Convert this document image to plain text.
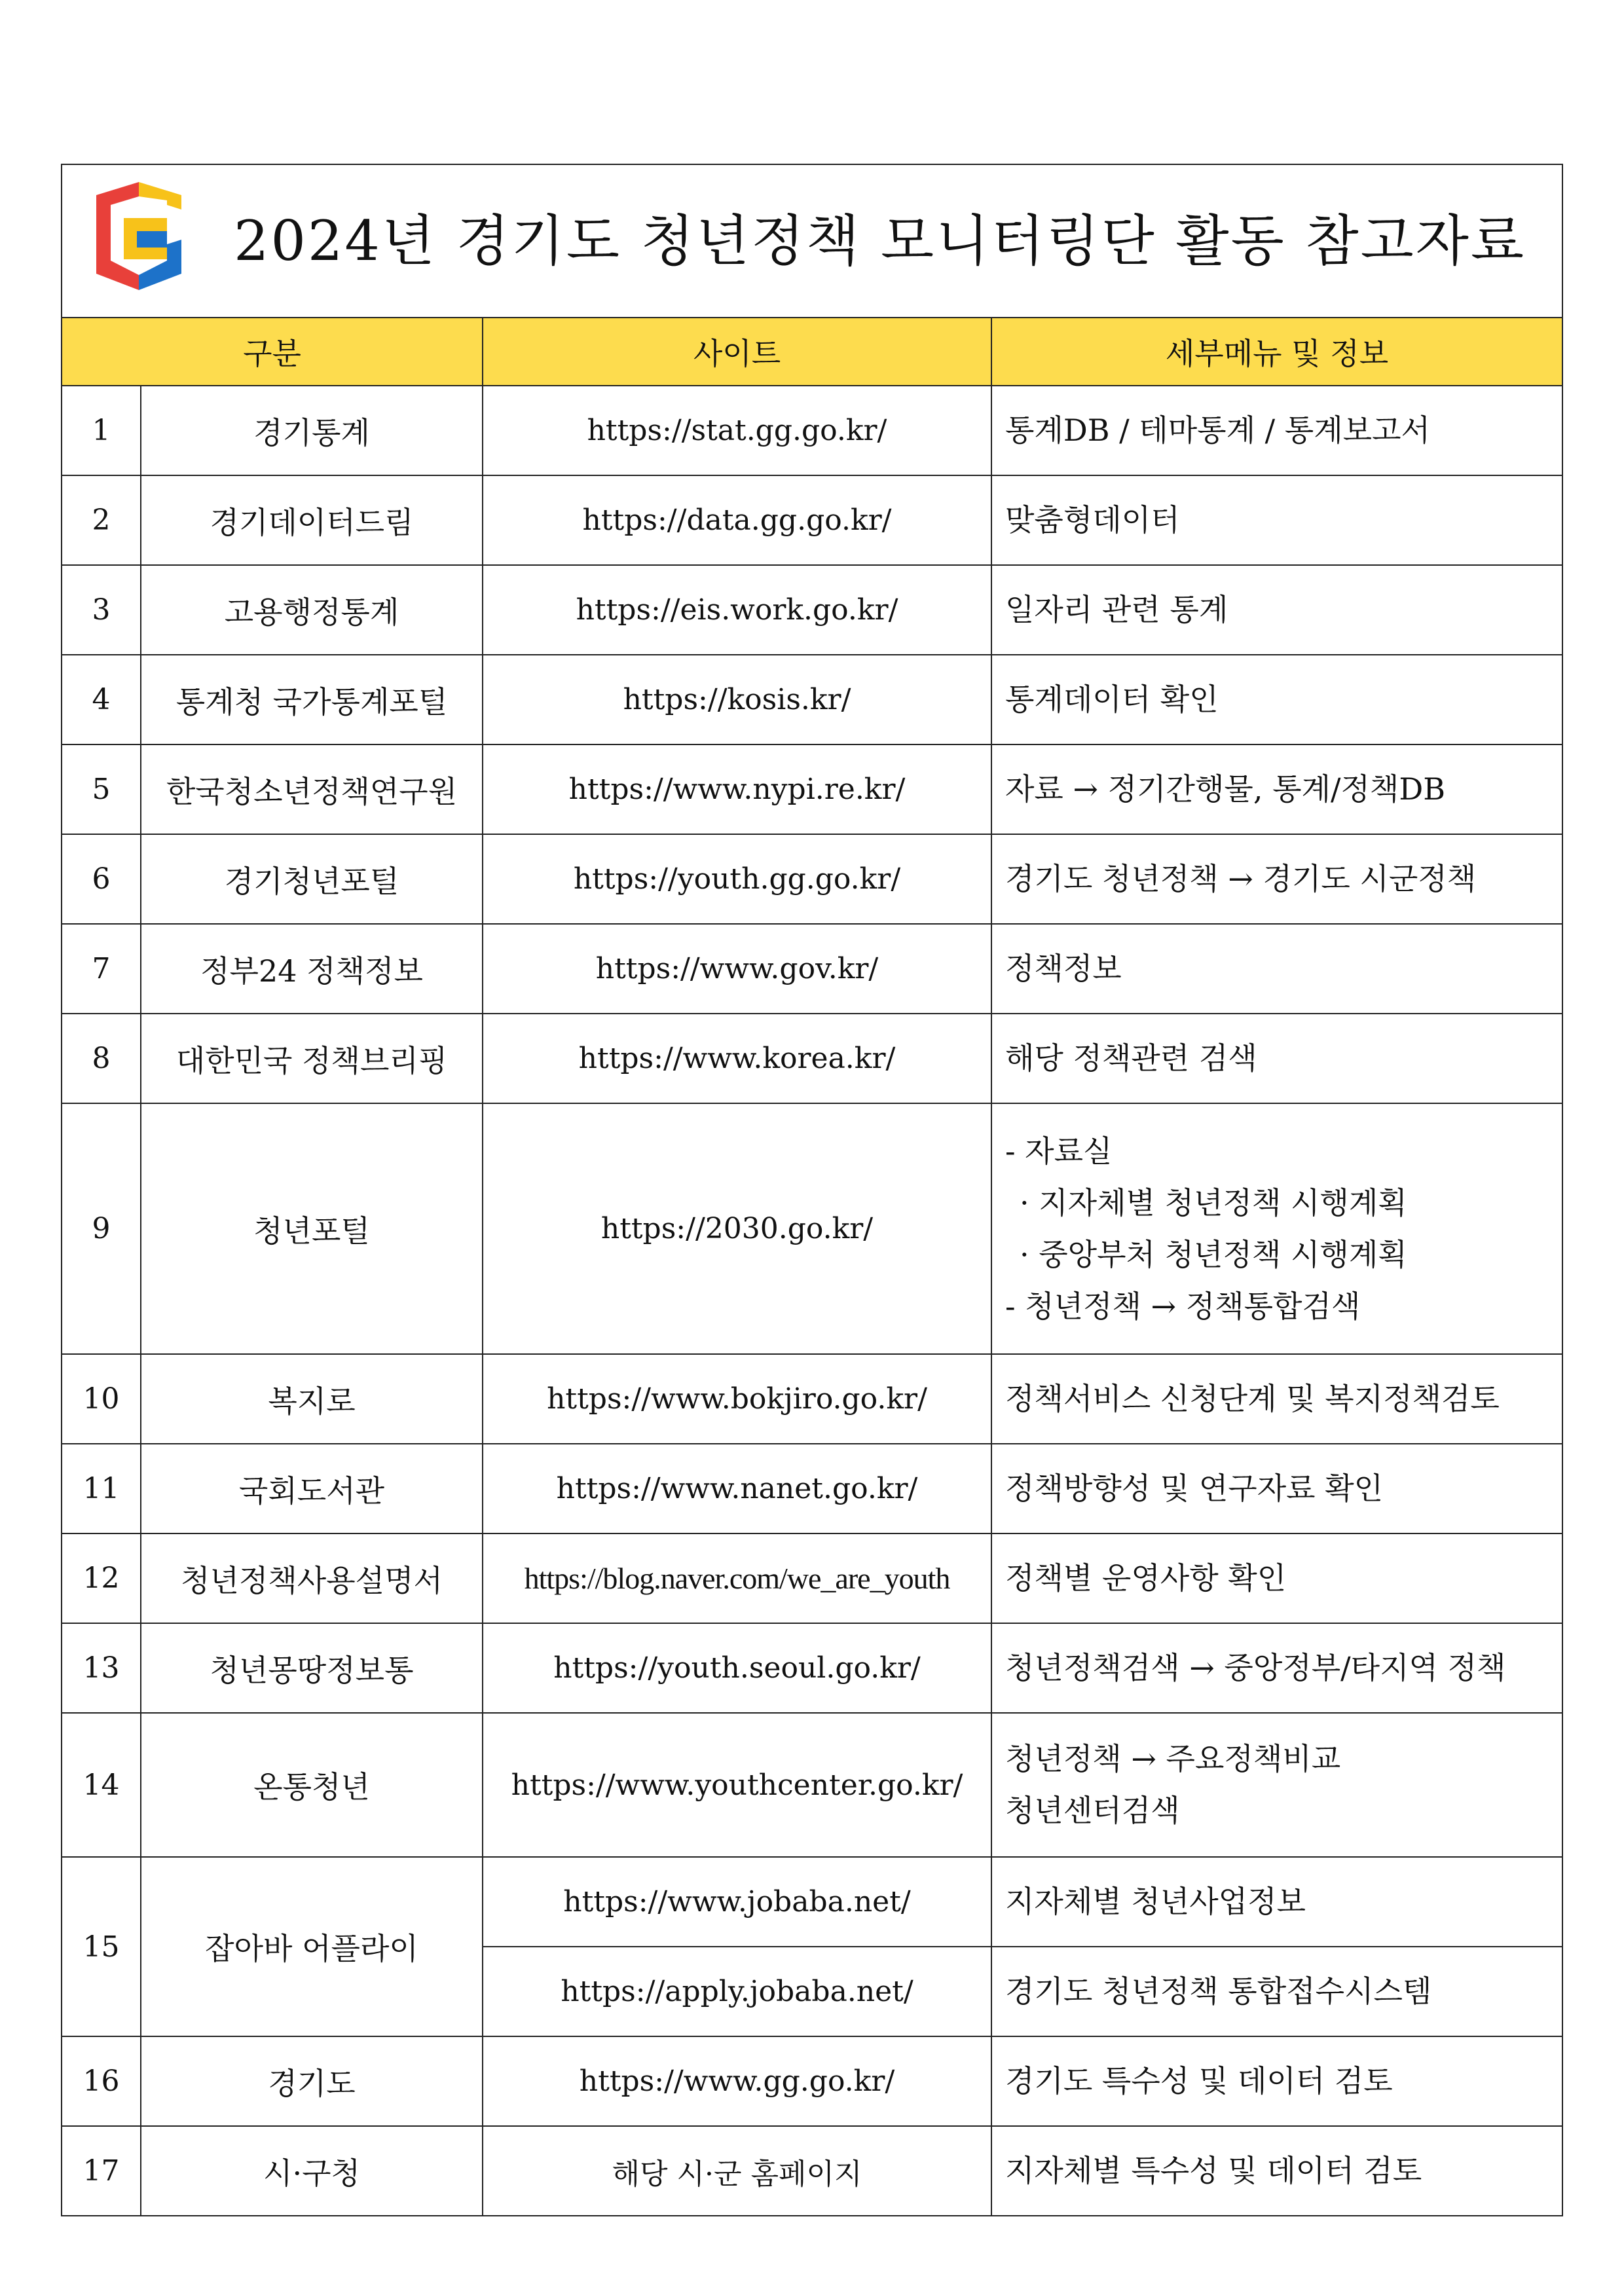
2024년 경기도 청년정책 모니터링단 활동 참고자료			

구분		사이트	세부메뉴 및 정보
1	경기통계	https://stat.gg.go.kr/	통계DB / 테마통계 / 통계보고서

2	경기데이터드림	https://data.gg.go.kr/	맞춤형데이터

3	고용행정통계	https://eis.work.go.kr/	일자리 관련 통계

4	통계청 국가통계포털	https://kosis.kr/	통계데이터 확인

5	한국청소년정책연구원	https://www.nypi.re.kr/	자료 → 정기간행물, 통계/정책DB

6	경기청년포털	https://youth.gg.go.kr/	경기도 청년정책 → 경기도 시군정책

7	정부24 정책정보	https://www.gov.kr/	정책정보

8	대한민국 정책브리핑	https://www.korea.kr/	해당 정책관련 검색

9	청년포털	https://2030.go.kr/	- 자료실
· 지자체별 청년정책 시행계획
· 중앙부처 청년정책 시행계획
- 청년정책 → 정책통합검색

10	복지로	https://www.bokjiro.go.kr/	정책서비스 신청단계 및 복지정책검토

11	국회도서관	https://www.nanet.go.kr/	정책방향성 및 연구자료 확인

12	청년정책사용설명서	https://blog.naver.com/we_are_youth	정책별 운영사항 확인

13	청년몽땅정보통	https://youth.seoul.go.kr/	청년정책검색 → 중앙정부/타지역 정책

14	온통청년	https://www.youthcenter.go.kr/	청년정책 → 주요정책비교
청년센터검색

15	잡아바 어플라이	https://www.jobaba.net/	지자체별 청년사업정보

		https://apply.jobaba.net/	경기도 청년정책 통합접수시스템

16	경기도	https://www.gg.go.kr/	경기도 특수성 및 데이터 검토

17	시·구청	해당 시·군 홈페이지	지자체별 특수성 및 데이터 검토
